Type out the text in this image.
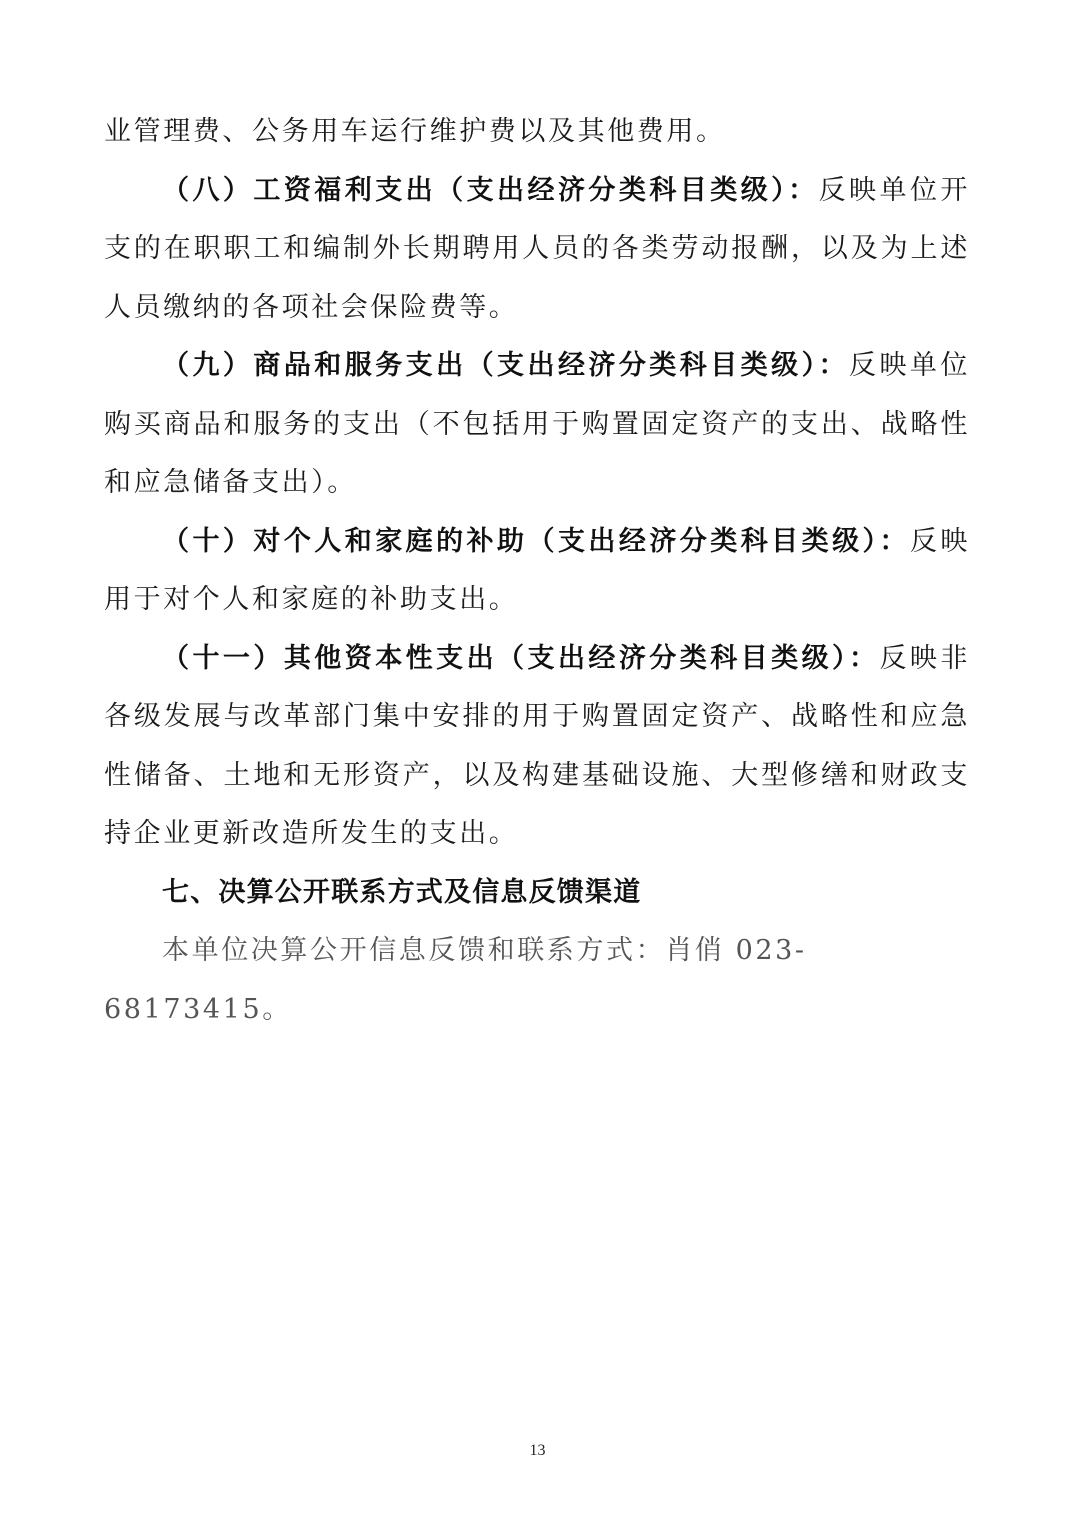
业管理费、公务用车运行维护费以及其他费用。

（八）工资福利支出（支出经济分类科目类级）：反映单位开支的在职职工和编制外长期聘用人员的各类劳动报酬，以及为上述人员缴纳的各项社会保险费等。

（九）商品和服务支出（支出经济分类科目类级）：反映单位购买商品和服务的支出（不包括用于购置固定资产的支出、战略性和应急储备支出）。

（十）对个人和家庭的补助（支出经济分类科目类级）：反映用于对个人和家庭的补助支出。

（十一）其他资本性支出（支出经济分类科目类级）：反映非各级发展与改革部门集中安排的用于购置固定资产、战略性和应急性储备、土地和无形资产，以及构建基础设施、大型修缮和财政支持企业更新改造所发生的支出。

七、决算公开联系方式及信息反馈渠道

本单位决算公开信息反馈和联系方式：肖俏 023-68173415。

13
